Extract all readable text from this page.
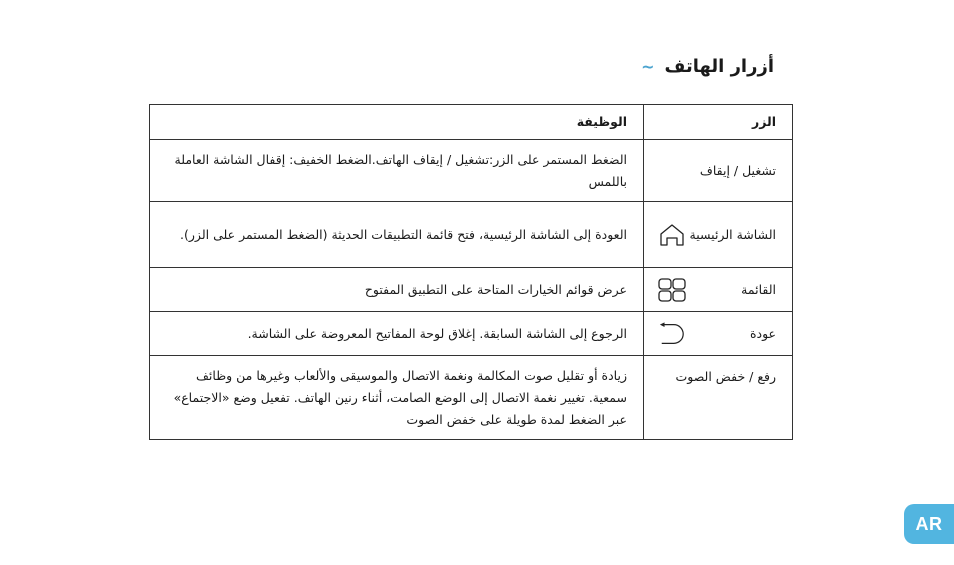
أزرار الهاتف
~
الزر	الوظيفة

تشغيل / إيقاف	الضغط المستمر على الزر:تشغيل / إيقاف الهاتف.الضغط الخفيف: إقفال الشاشة العاملة باللمس

الشاشة الرئيسية	العودة إلى الشاشة الرئيسية، فتح قائمة التطبيقات الحديثة (الضغط المستمر على الزر).

القائمة	عرض قوائم الخيارات المتاحة على التطبيق المفتوح

عودة	الرجوع إلى الشاشة السابقة. إغلاق لوحة المفاتيح المعروضة على الشاشة.

رفع / خفض الصوت	زيادة أو تقليل صوت المكالمة ونغمة الاتصال والموسيقى والألعاب وغيرها من وظائف سمعية. تغيير نغمة الاتصال إلى الوضع الصامت، أثناء رنين الهاتف. تفعيل وضع «الاجتماع» عبر الضغط لمدة طويلة على خفض الصوت
AR
